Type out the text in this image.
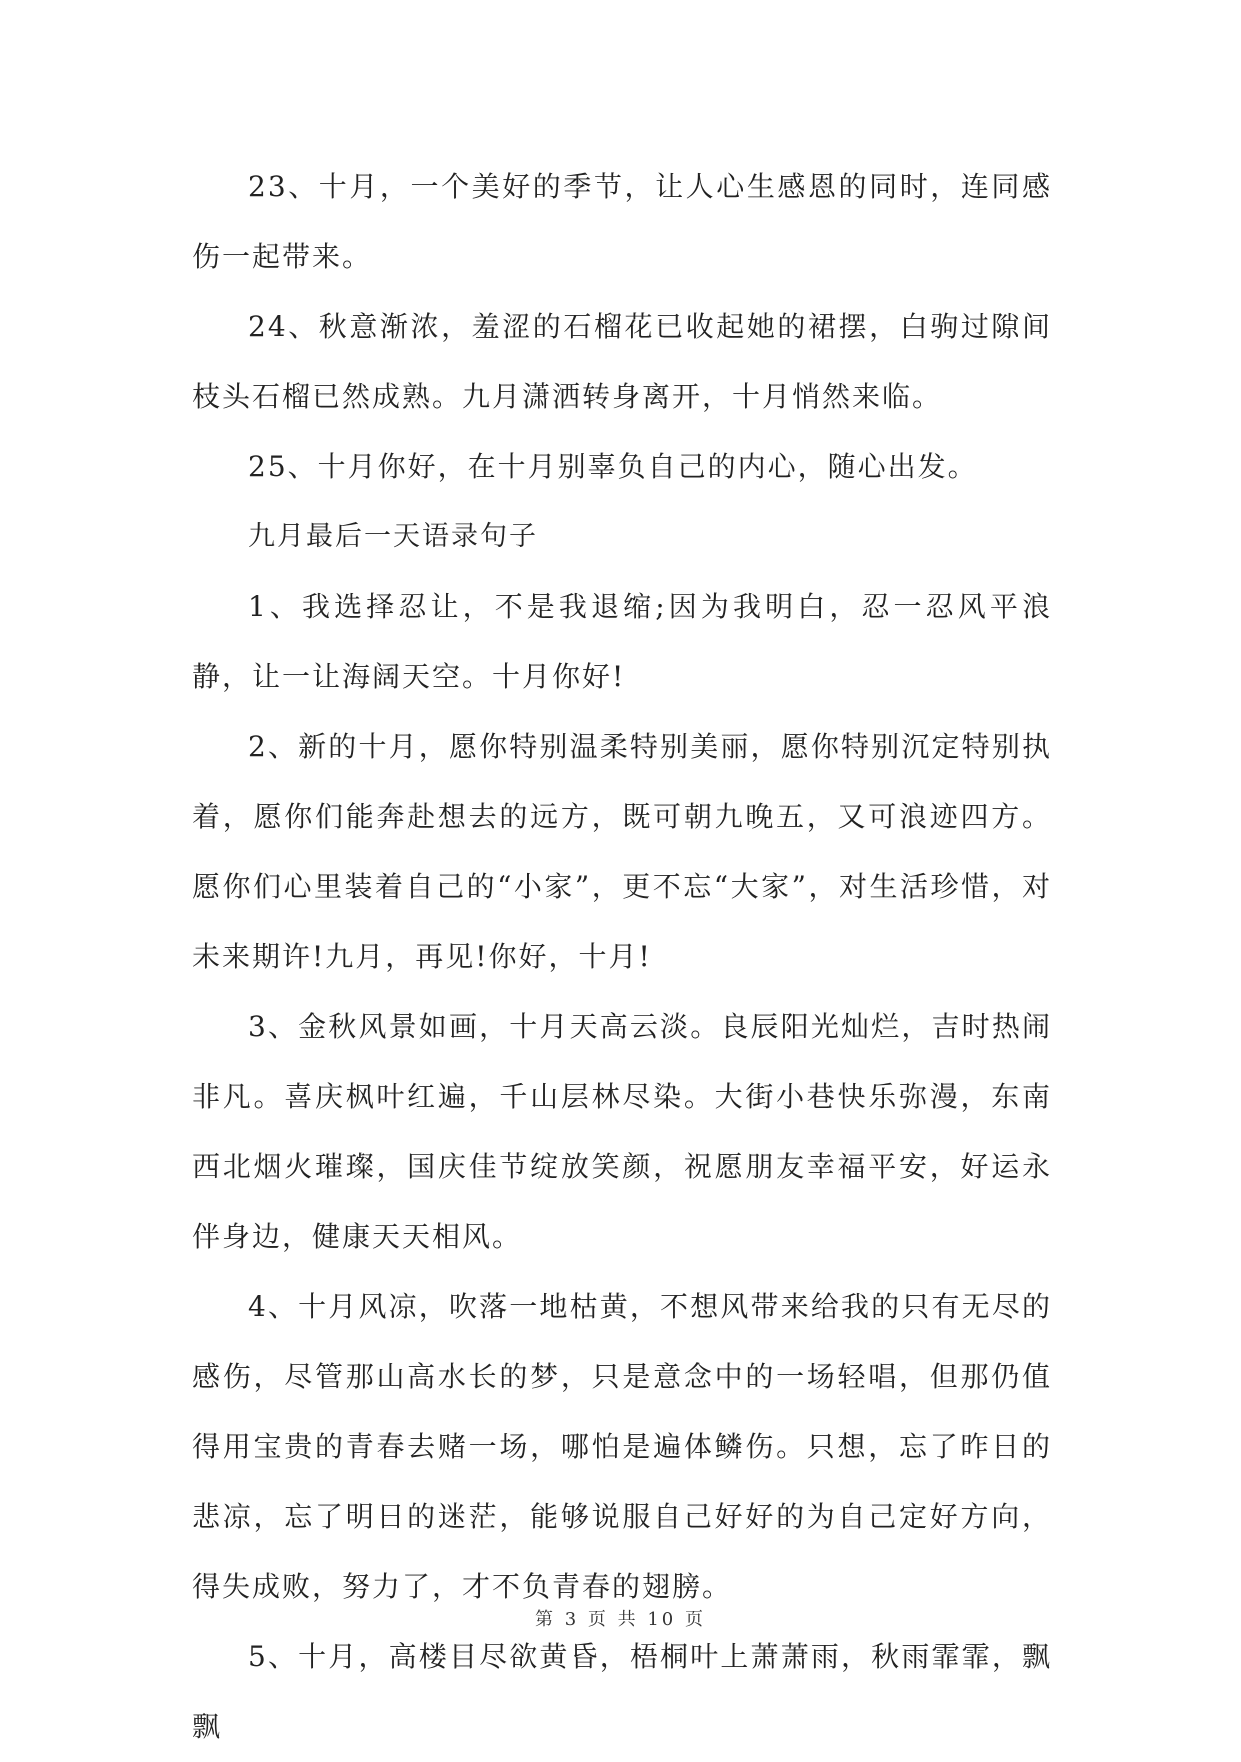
23、十月，一个美好的季节，让人心生感恩的同时，连同感伤一起带来。

24、秋意渐浓，羞涩的石榴花已收起她的裙摆，白驹过隙间枝头石榴已然成熟。九月潇洒转身离开，十月悄然来临。

25、十月你好，在十月别辜负自己的内心，随心出发。

九月最后一天语录句子

1、我选择忍让，不是我退缩;因为我明白，忍一忍风平浪静，让一让海阔天空。十月你好!

2、新的十月，愿你特别温柔特别美丽，愿你特别沉定特别执着，愿你们能奔赴想去的远方，既可朝九晚五，又可浪迹四方。愿你们心里装着自己的“小家”，更不忘“大家”，对生活珍惜，对未来期许!九月，再见!你好，十月!

3、金秋风景如画，十月天高云淡。良辰阳光灿烂，吉时热闹非凡。喜庆枫叶红遍，千山层林尽染。大街小巷快乐弥漫，东南西北烟火璀璨，国庆佳节绽放笑颜，祝愿朋友幸福平安，好运永伴身边，健康天天相风。

4、十月风凉，吹落一地枯黄，不想风带来给我的只有无尽的感伤，尽管那山高水长的梦，只是意念中的一场轻唱，但那仍值得用宝贵的青春去赌一场，哪怕是遍体鳞伤。只想，忘了昨日的悲凉，忘了明日的迷茫，能够说服自己好好的为自己定好方向，得失成败，努力了，才不负青春的翅膀。

5、十月，高楼目尽欲黄昏，梧桐叶上萧萧雨，秋雨霏霏，飘飘

第 3 页 共 10 页
